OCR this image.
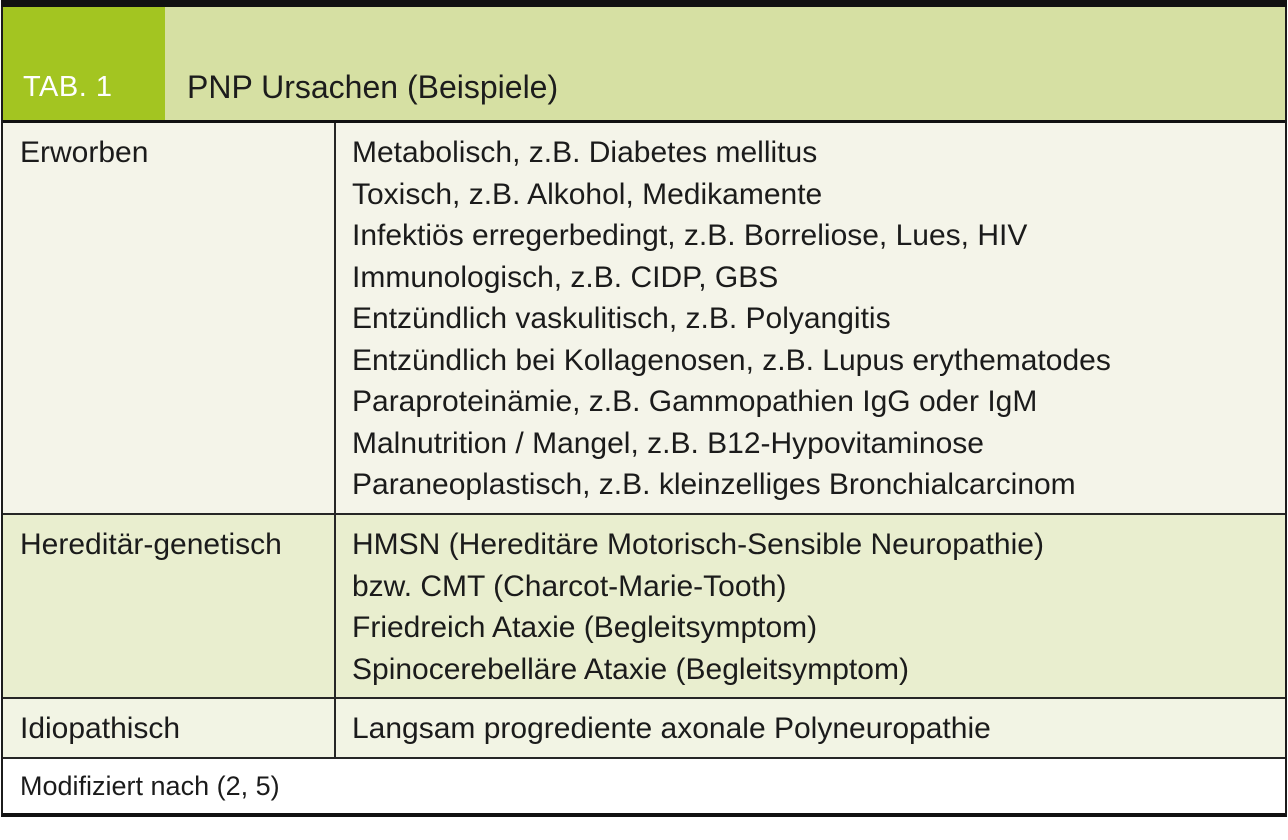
TAB. 1	PNP Ursachen (Beispiele)
Erworben	Metabolisch, z.B. Diabetes mellitus
Toxisch, z.B. Alkohol, Medikamente
Infektiös erregerbedingt, z.B. Borreliose, Lues, HIV
Immunologisch, z.B. CIDP, GBS
Entzündlich vaskulitisch, z.B. Polyangitis
Entzündlich bei Kollagenosen, z.B. Lupus erythematodes
Paraproteinämie, z.B. Gammopathien IgG oder IgM
Malnutrition / Mangel, z.B. B12-Hypovitaminose
Paraneoplastisch, z.B. kleinzelliges Bronchialcarcinom
Hereditär-genetisch	HMSN (Hereditäre Motorisch-Sensible Neuropathie)
bzw. CMT (Charcot-Marie-Tooth)
Friedreich Ataxie (Begleitsymptom)
Spinocerebelläre Ataxie (Begleitsymptom)
Idiopathisch	Langsam progrediente axonale Polyneuropathie
Modifiziert nach (2, 5)
